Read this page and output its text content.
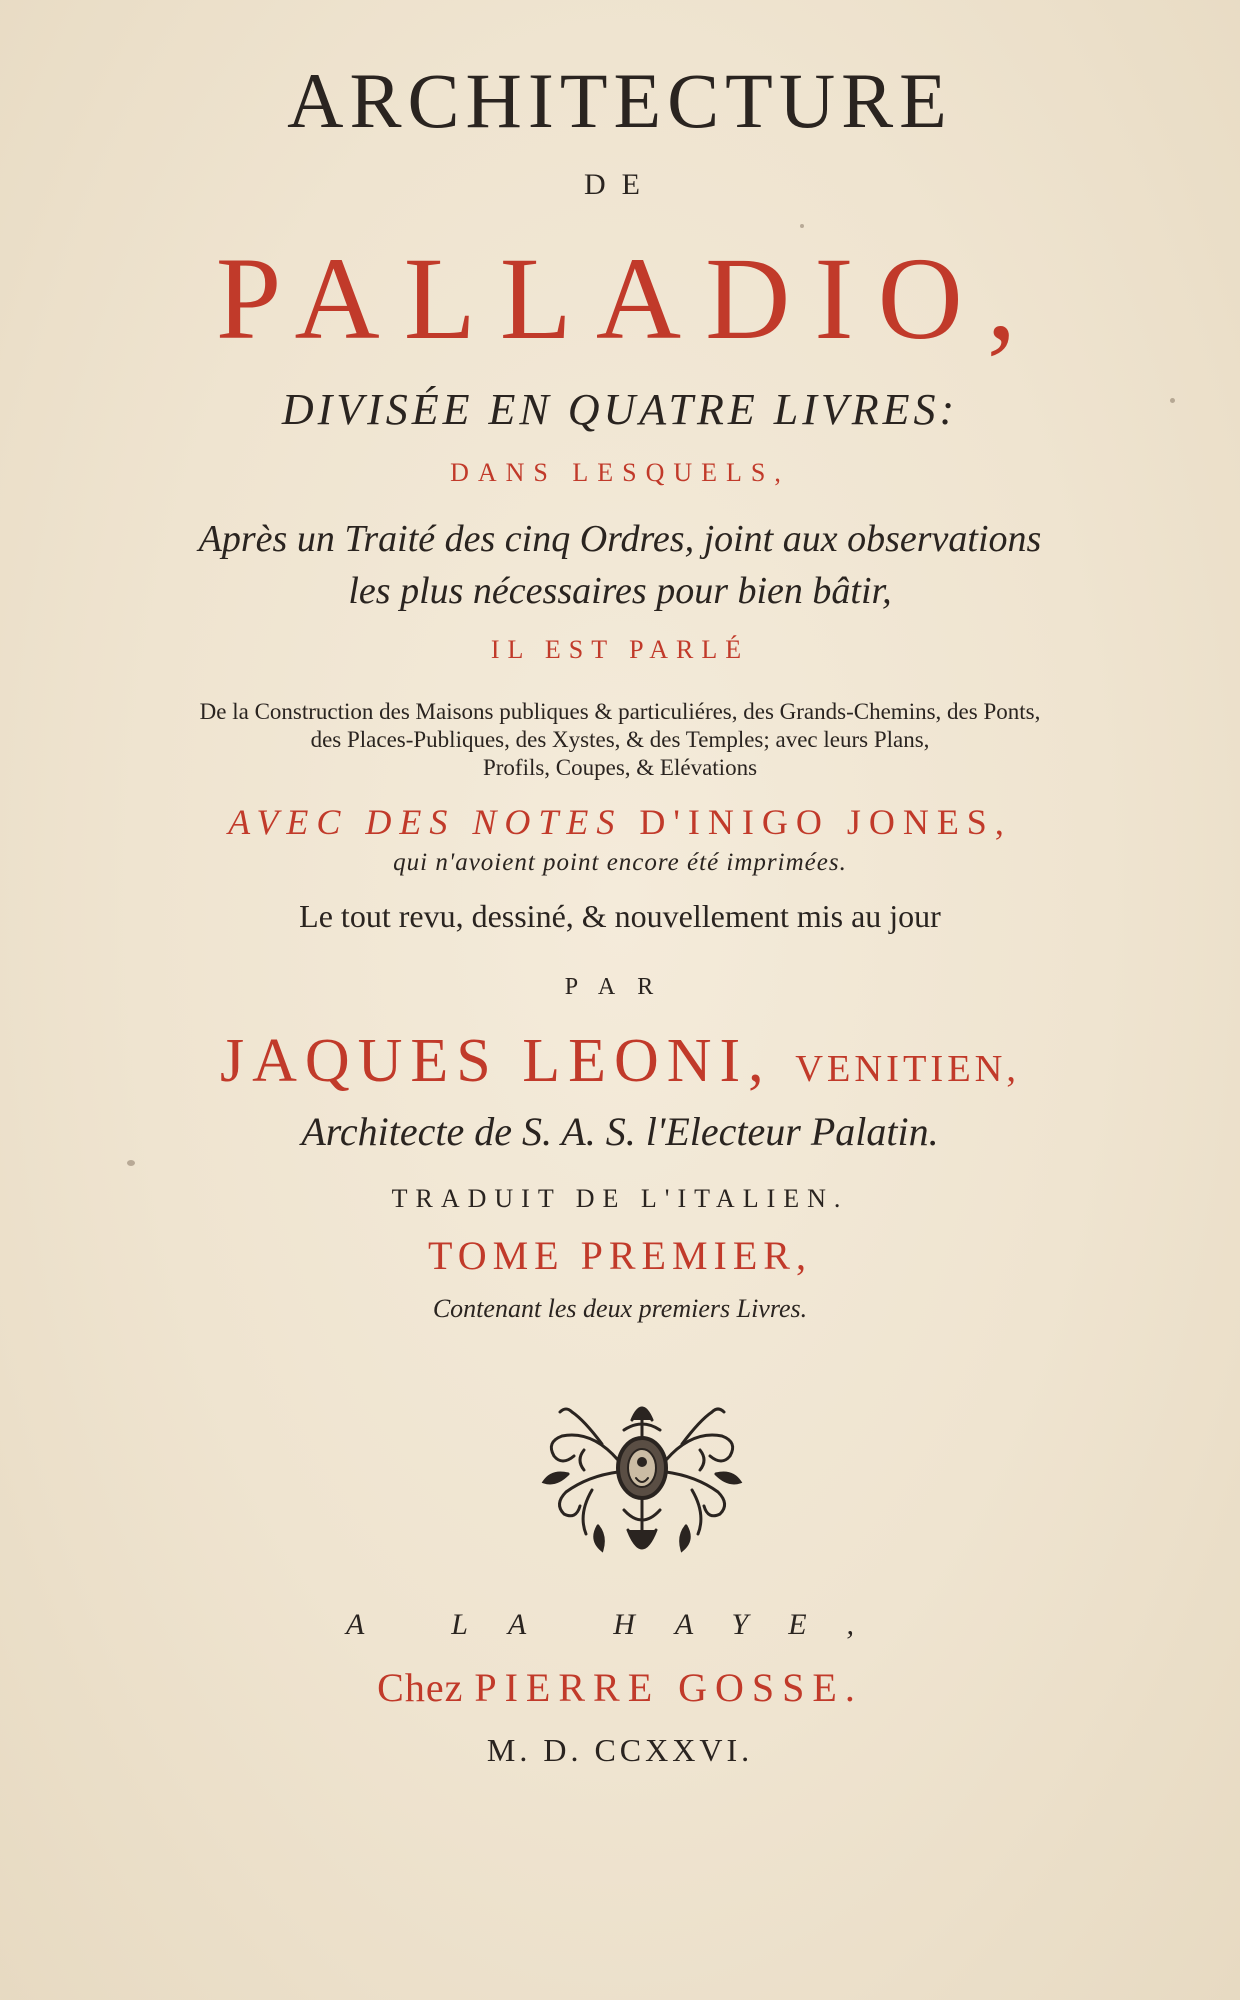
ARCHITECTURE
DE
PALLADIO,
DIVISÉE EN QUATRE LIVRES:
DANS LESQUELS,
Après un Traité des cinq Ordres, joint aux observations
les plus nécessaires pour bien bâtir,
IL EST PARLÉ
De la Construction des Maisons publiques & particuliéres, des Grands-Chemins, des Ponts,
des Places-Publiques, des Xystes, & des Temples; avec leurs Plans,
Profils, Coupes, & Elévations
AVEC DES NOTES D'INIGO JONES,
qui n'avoient point encore été imprimées.
Le tout revu, dessiné, & nouvellement mis au jour
PAR
JAQUES LEONI, VENITIEN,
Architecte de S. A. S. l'Electeur Palatin.
TRADUIT DE L'ITALIEN.
TOME PREMIER,
Contenant les deux premiers Livres.
A LA HAYE,
Chez PIERRE GOSSE.
M. D. CCXXVI.
